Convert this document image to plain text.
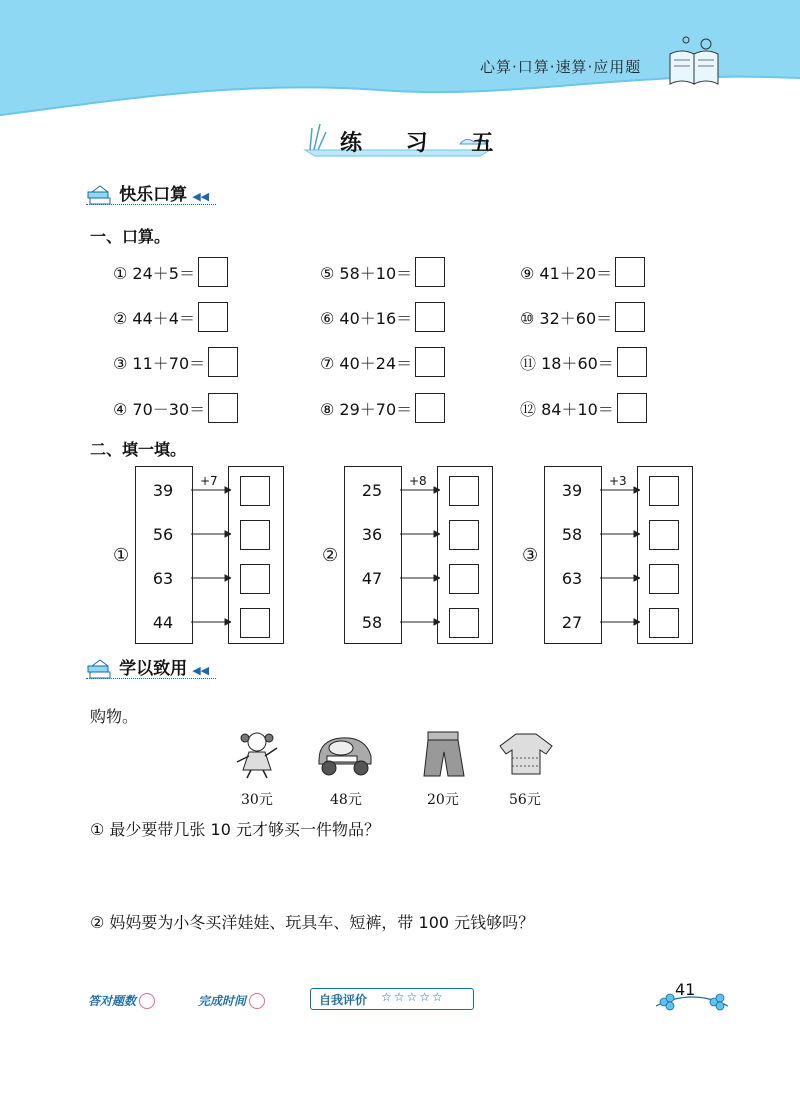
心算·口算·速算·应用题
练 习 五
快乐口算 ◀◀
一、口算。
① 24＋5＝
② 44＋4＝
③ 11＋70＝
④ 70－30＝
⑤ 58＋10＝
⑥ 40＋16＝
⑦ 40＋24＝
⑧ 29＋70＝
⑨ 41＋20＝
⑩ 32＋60＝
⑪ 18＋60＝
⑫ 84＋10＝
二、填一填。
①
39
56
63
44
+7
②
25
36
47
58
+8
③
39
58
63
27
+3
学以致用 ◀◀
购物。
30元	48元	20元	56元
① 最少要带几张 10 元才够买一件物品？
② 妈妈要为小冬买洋娃娃、玩具车、短裤，带 100 元钱够吗？
答对题数	完成时间	自我评价 ☆☆☆☆☆	41
